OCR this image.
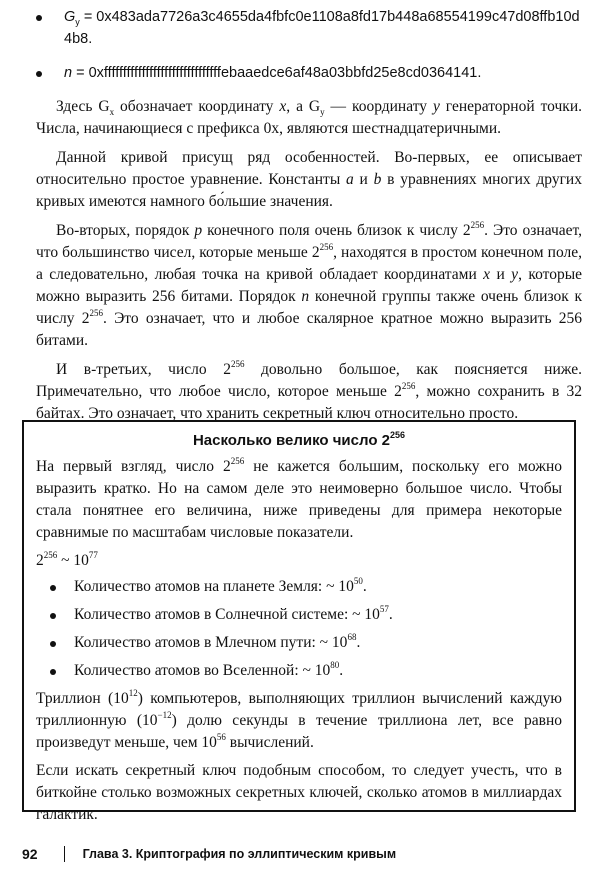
$G_y$ = 0x483ada7726a3c4655da4fbfc0e1108a8fd17b448a68554199c47d08ffb10d4b8.
n = 0xfffffffffffffffffffffffffffffffebaaedce6af48a03bbfd25e8cd0364141.

Здесь $G_x$ обозначает координату x, а $G_y$ — координату y генераторной точки. Числа, начинающиеся с префикса 0x, являются шестнадцатеричными.

Данной кривой присущ ряд особенностей. Во-первых, ее описывает относительно простое уравнение. Константы a и b в уравнениях многих других кривых имеются намного бо́льшие значения.

Во-вторых, порядок p конечного поля очень близок к числу $2^{256}$. Это означает, что большинство чисел, которые меньше $2^{256}$, находятся в простом конечном поле, а следовательно, любая точка на кривой обладает координатами x и y, которые можно выразить 256 битами. Порядок n конечной группы также очень близок к числу $2^{256}$. Это означает, что и любое скалярное кратное можно выразить 256 битами.

И в-третьих, число $2^{256}$ довольно большое, как поясняется ниже. Примечательно, что любое число, которое меньше $2^{256}$, можно сохранить в 32 байтах. Это означает, что хранить секретный ключ относительно просто.

Насколько велико число $2^{256}$

На первый взгляд, число $2^{256}$ не кажется большим, поскольку его можно выразить кратко. Но на самом деле это неимоверно большое число. Чтобы стала понятнее его величина, ниже приведены для примера некоторые сравнимые по масштабам числовые показатели.

$2^{256}$ ~ $10^{77}$

Количество атомов на планете Земля: ~ $10^{50}$.
Количество атомов в Солнечной системе: ~ $10^{57}$.
Количество атомов в Млечном пути: ~ $10^{68}$.
Количество атомов во Вселенной: ~ $10^{80}$.

Триллион $(10^{12})$ компьютеров, выполняющих триллион вычислений каждую триллионную $(10^{-12})$ долю секунды в течение триллиона лет, все равно произведут меньше, чем $10^{56}$ вычислений.

Если искать секретный ключ подобным способом, то следует учесть, что в биткойне столько возможных секретных ключей, сколько атомов в миллиардах галактик.

92	Глава 3. Криптография по эллиптическим кривым
